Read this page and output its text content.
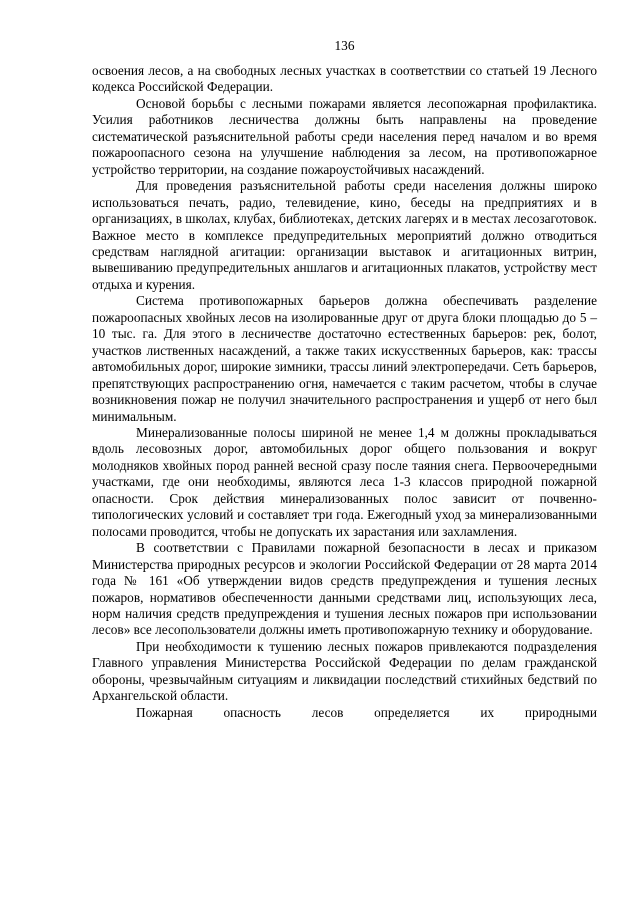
136

освоения лесов, а на свободных лесных участках в соответствии со статьей 19 Лесного кодекса Российской Федерации.

Основой борьбы с лесными пожарами является лесопожарная профилактика. Усилия работников лесничества должны быть направлены на проведение систематической разъяснительной работы среди населения перед началом и во время пожароопасного сезона на улучшение наблюдения за лесом, на противопожарное устройство территории, на создание пожароустойчивых насаждений.

Для проведения разъяснительной работы среди населения должны широко использоваться печать, радио, телевидение, кино, беседы на предприятиях и в организациях, в школах, клубах, библиотеках, детских лагерях и в местах лесозаготовок. Важное место в комплексе предупредительных мероприятий должно отводиться средствам наглядной агитации: организации выставок и агитационных витрин, вывешиванию предупредительных аншлагов и агитационных плакатов, устройству мест отдыха и курения.

Система противопожарных барьеров должна обеспечивать разделение пожароопасных хвойных лесов на изолированные друг от друга блоки площадью до 5 – 10 тыс. га. Для этого в лесничестве достаточно естественных барьеров: рек, болот, участков лиственных насаждений, а также таких искусственных барьеров, как: трассы автомобильных дорог, широкие зимники, трассы линий электропередачи. Сеть барьеров, препятствующих распространению огня, намечается с таким расчетом, чтобы в случае возникновения пожар не получил значительного распространения и ущерб от него был минимальным.

Минерализованные полосы шириной не менее 1,4 м должны прокладываться вдоль лесовозных дорог, автомобильных дорог общего пользования и вокруг молодняков хвойных пород ранней весной сразу после таяния снега. Первоочередными участками, где они необходимы, являются леса 1-3 классов природной пожарной опасности. Срок действия минерализованных полос зависит от почвенно-типологических условий и составляет три года. Ежегодный уход за минерализованными полосами проводится, чтобы не допускать их зарастания или захламления.

В соответствии с Правилами пожарной безопасности в лесах и приказом Министерства природных ресурсов и экологии Российской Федерации от 28 марта 2014 года № 161 «Об утверждении видов средств предупреждения и тушения лесных пожаров, нормативов обеспеченности данными средствами лиц, использующих леса, норм наличия средств предупреждения и тушения лесных пожаров при использовании лесов» все лесопользователи должны иметь противопожарную технику и оборудование.

При необходимости к тушению лесных пожаров привлекаются подразделения Главного управления Министерства Российской Федерации по делам гражданской обороны, чрезвычайным ситуациям и ликвидации последствий стихийных бедствий по Архангельской области.

Пожарная опасность лесов определяется их природными
